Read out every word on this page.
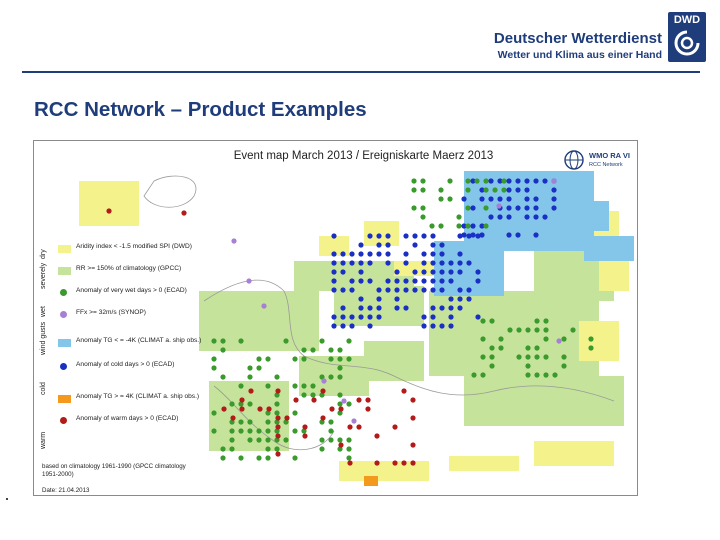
DWD
Deutscher Wetterdienst
Wetter und Klima aus einer Hand
RCC Network – Product Examples
Event map March 2013 / Ereigniskarte Maerz 2013	WMO RA VI
RCC Network
Aridity index < -1.5 modified SPI (DWD)
RR >= 150% of climatology (GPCC)
Anomaly of very wet days > 0 (ECAD)
FFx >= 32m/s (SYNOP)
Anomaly TG < = -4K (CLIMAT a. ship obs.)
Anomaly of cold days > 0 (ECAD)
Anomaly TG > = 4K (CLIMAT a. ship obs.)
Anomaly of warm days > 0 (ECAD)
dry
severely
wet
wind gusts
cold
warm
based on climatology 1961-1990 (GPCC climatology 1951-2000)
Date: 21.04.2013
